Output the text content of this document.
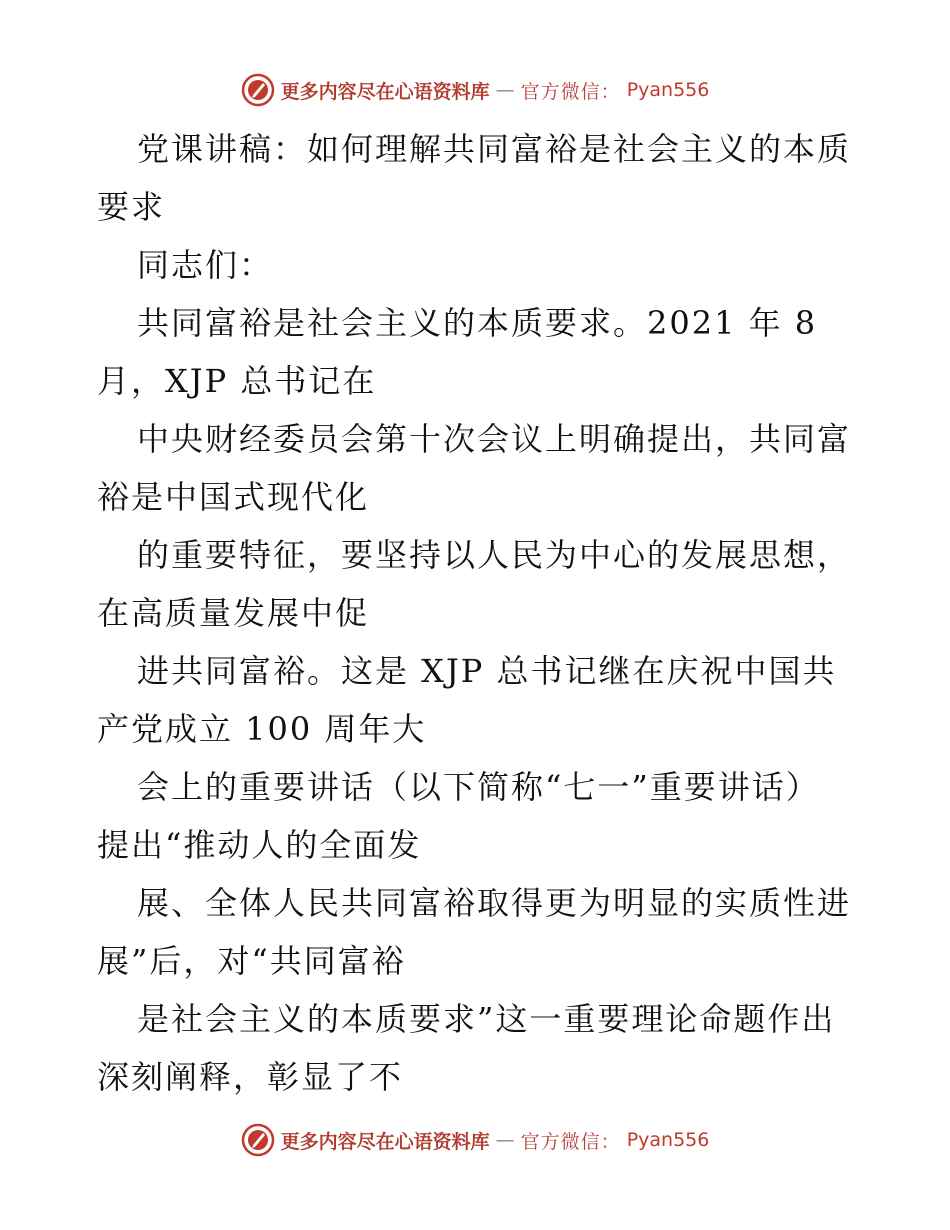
更多内容尽在心语资料库 — 官方微信： Pyan556

党课讲稿：如何理解共同富裕是社会主义的本质

要求

同志们：

共同富裕是社会主义的本质要求。2021 年 8

月，XJP 总书记在

中央财经委员会第十次会议上明确提出，共同富

裕是中国式现代化

的重要特征，要坚持以人民为中心的发展思想，

在高质量发展中促

进共同富裕。这是 XJP 总书记继在庆祝中国共

产党成立 100 周年大

会上的重要讲话（以下简称“七一”重要讲话）

提出“推动人的全面发

展、全体人民共同富裕取得更为明显的实质性进

展”后，对“共同富裕

是社会主义的本质要求”这一重要理论命题作出

深刻阐释，彰显了不

更多内容尽在心语资料库 — 官方微信： Pyan556
